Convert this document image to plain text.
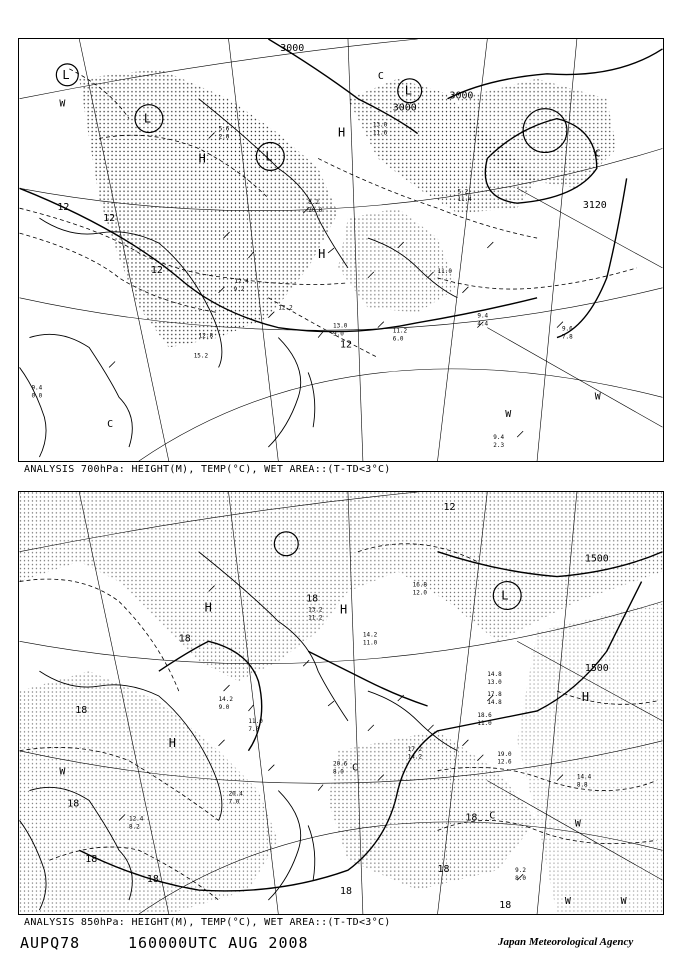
5.6
2.0
8.2
20.0
12.4
9.2
12.2
13.0
9.0	11.2
6.0
11.0
9.4
4.4
9.6
7.8
9.4
2.3
9.4
0.0
5.2
11.4
13.0
11.6
12.8
15.2
3000
3000
3000
3120
12
12
12
12
L
L
L
L
H
H
H
W
W
W
C
C
C
ANALYSIS 700hPa: HEIGHT(M), TEMP(°C), WET AREA::(T-TD<3°C)
14.2
9.0
13.2
11.2
14.2
11.0
16.8
12.0
14.8
13.0
17.8
14.8
18.6
11.0
19.0
12.6
14.4
8.8
11.0
7.0
20.4
7.0
20.6
8.0
17.2
14.2
12.4
8.2
9.2
8.0
1500
1500
12
18
18
18
18
18
18
18
18
18
18
H	H
H
H
L
C
C
W
W
W	W
ANALYSIS 850hPa: HEIGHT(M), TEMP(°C), WET AREA::(T-TD<3°C)
AUPQ78	160000UTC AUG 2008	Japan Meteorological Agency
